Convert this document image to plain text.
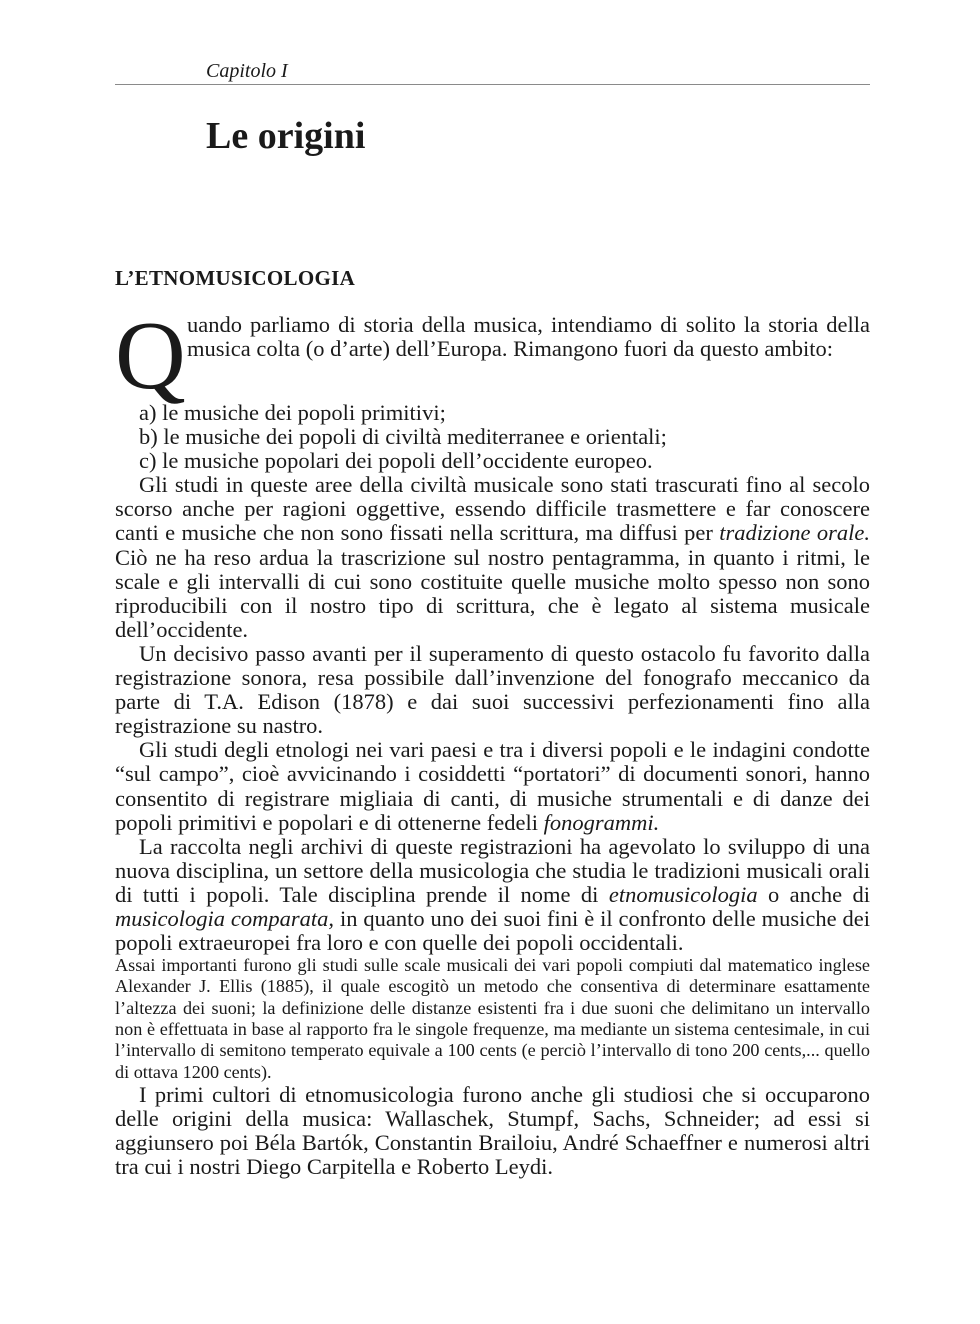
Capitolo I
Le origini
L’ETNOMUSICOLOGIA
Q uando parliamo di storia della musica, intendiamo di solito la storia della musica colta (o d’arte) dell’Europa. Rimangono fuori da questo ambito:

a) le musiche dei popoli primitivi;

b) le musiche dei popoli di civiltà mediterranee e orientali;

c) le musiche popolari dei popoli dell’occidente europeo.

Gli studi in queste aree della civiltà musicale sono stati trascurati fino al secolo scorso anche per ragioni oggettive, essendo difficile trasmettere e far conoscere canti e musiche che non sono fissati nella scrittura, ma diffusi per tradizione orale. Ciò ne ha reso ardua la trascrizione sul nostro pentagramma, in quanto i ritmi, le scale e gli intervalli di cui sono costituite quelle musiche molto spesso non sono riproducibili con il nostro tipo di scrittura, che è legato al sistema musicale dell’occidente.

Un decisivo passo avanti per il superamento di questo ostacolo fu favorito dalla registrazione sonora, resa possibile dall’invenzione del fonografo meccanico da parte di T.A. Edison (1878) e dai suoi successivi perfezionamenti fino alla registrazione su nastro.

Gli studi degli etnologi nei vari paesi e tra i diversi popoli e le indagini condotte “sul campo”, cioè avvicinando i cosiddetti “portatori” di documenti sonori, hanno consentito di registrare migliaia di canti, di musiche strumentali e di danze dei popoli primitivi e popolari e di ottenerne fedeli fonogrammi.

La raccolta negli archivi di queste registrazioni ha agevolato lo sviluppo di una nuova disciplina, un settore della musicologia che studia le tradizioni musicali orali di tutti i popoli. Tale disciplina prende il nome di etnomusicologia o anche di musicologia comparata, in quanto uno dei suoi fini è il confronto delle musiche dei popoli extraeuropei fra loro e con quelle dei popoli occidentali.

Assai importanti furono gli studi sulle scale musicali dei vari popoli compiuti dal matematico inglese Alexander J. Ellis (1885), il quale escogitò un metodo che consentiva di determinare esattamente l’altezza dei suoni; la definizione delle distanze esistenti fra i due suoni che delimitano un intervallo non è effettuata in base al rapporto fra le singole frequenze, ma mediante un sistema centesimale, in cui l’intervallo di semitono temperato equivale a 100 cents (e perciò l’intervallo di tono 200 cents,... quello di ottava 1200 cents).

I primi cultori di etnomusicologia furono anche gli studiosi che si occuparono delle origini della musica: Wallaschek, Stumpf, Sachs, Schneider; ad essi si aggiunsero poi Béla Bartók, Constantin Brailoiu, André Schaeffner e numerosi altri tra cui i nostri Diego Carpitella e Roberto Leydi.
